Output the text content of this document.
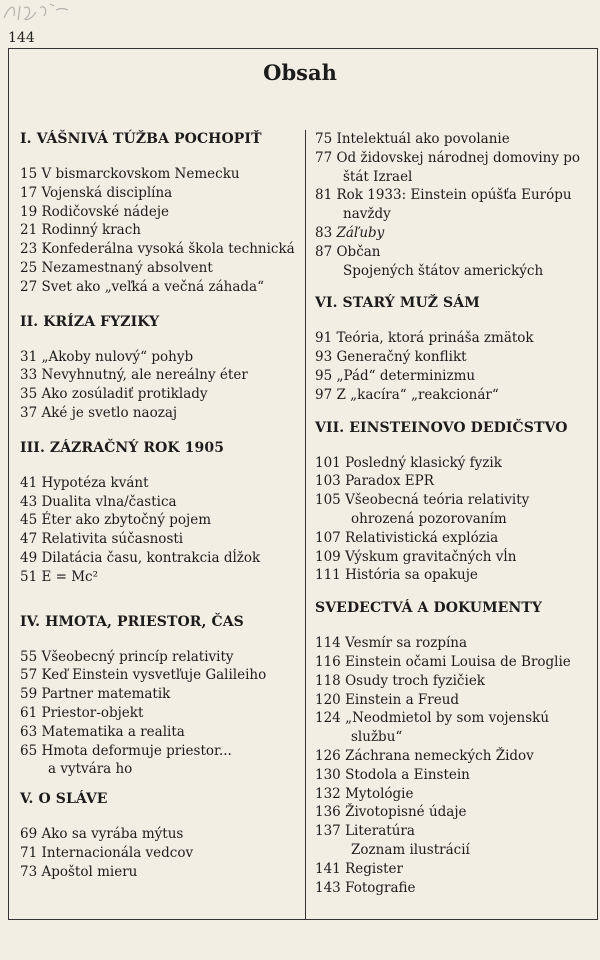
144
Obsah
I. VÁŠNIVÁ TÚŽBA POCHOPIŤ
15 V bismarckovskom Nemecku
17 Vojenská disciplína
19 Rodičovské nádeje
21 Rodinný krach
23 Konfederálna vysoká škola technická
25 Nezamestnaný absolvent
27 Svet ako „veľká a večná záhada“
II. KRÍZA FYZIKY
31 „Akoby nulový“ pohyb
33 Nevyhnutný, ale nereálny éter
35 Ako zosúladiť protiklady
37 Aké je svetlo naozaj
III. ZÁZRAČNÝ ROK 1905
41 Hypotéza kvánt
43 Dualita vlna/častica
45 Éter ako zbytočný pojem
47 Relativita súčasnosti
49 Dilatácia času, kontrakcia dĺžok
51 E = Mc²
IV. HMOTA, PRIESTOR, ČAS
55 Všeobecný princíp relativity
57 Keď Einstein vysvetľuje Galileiho
59 Partner matematik
61 Priestor-objekt
63 Matematika a realita
65 Hmota deformuje priestor...
a vytvára ho
V. O SLÁVE
69 Ako sa vyrába mýtus
71 Internacionála vedcov
73 Apoštol mieru
75 Intelektuál ako povolanie
77 Od židovskej národnej domoviny po
štát Izrael
81 Rok 1933: Einstein opúšťa Európu
navždy
83 Záľuby
87 Občan
Spojených štátov amerických
VI. STARÝ MUŽ SÁM
91 Teória, ktorá prináša zmätok
93 Generačný konflikt
95 „Pád“ determinizmu
97 Z „kacíra“ „reakcionár“
VII. EINSTEINOVO DEDIČSTVO
101 Posledný klasický fyzik
103 Paradox EPR
105 Všeobecná teória relativity
ohrozená pozorovaním
107 Relativistická explózia
109 Výskum gravitačných vĺn
111 História sa opakuje
SVEDECTVÁ A DOKUMENTY
114 Vesmír sa rozpína
116 Einstein očami Louisa de Broglie
118 Osudy troch fyzičiek
120 Einstein a Freud
124 „Neodmietol by som vojenskú
službu“
126 Záchrana nemeckých Židov
130 Stodola a Einstein
132 Mytológie
136 Životopisné údaje
137 Literatúra
Zoznam ilustrácií
141 Register
143 Fotografie
